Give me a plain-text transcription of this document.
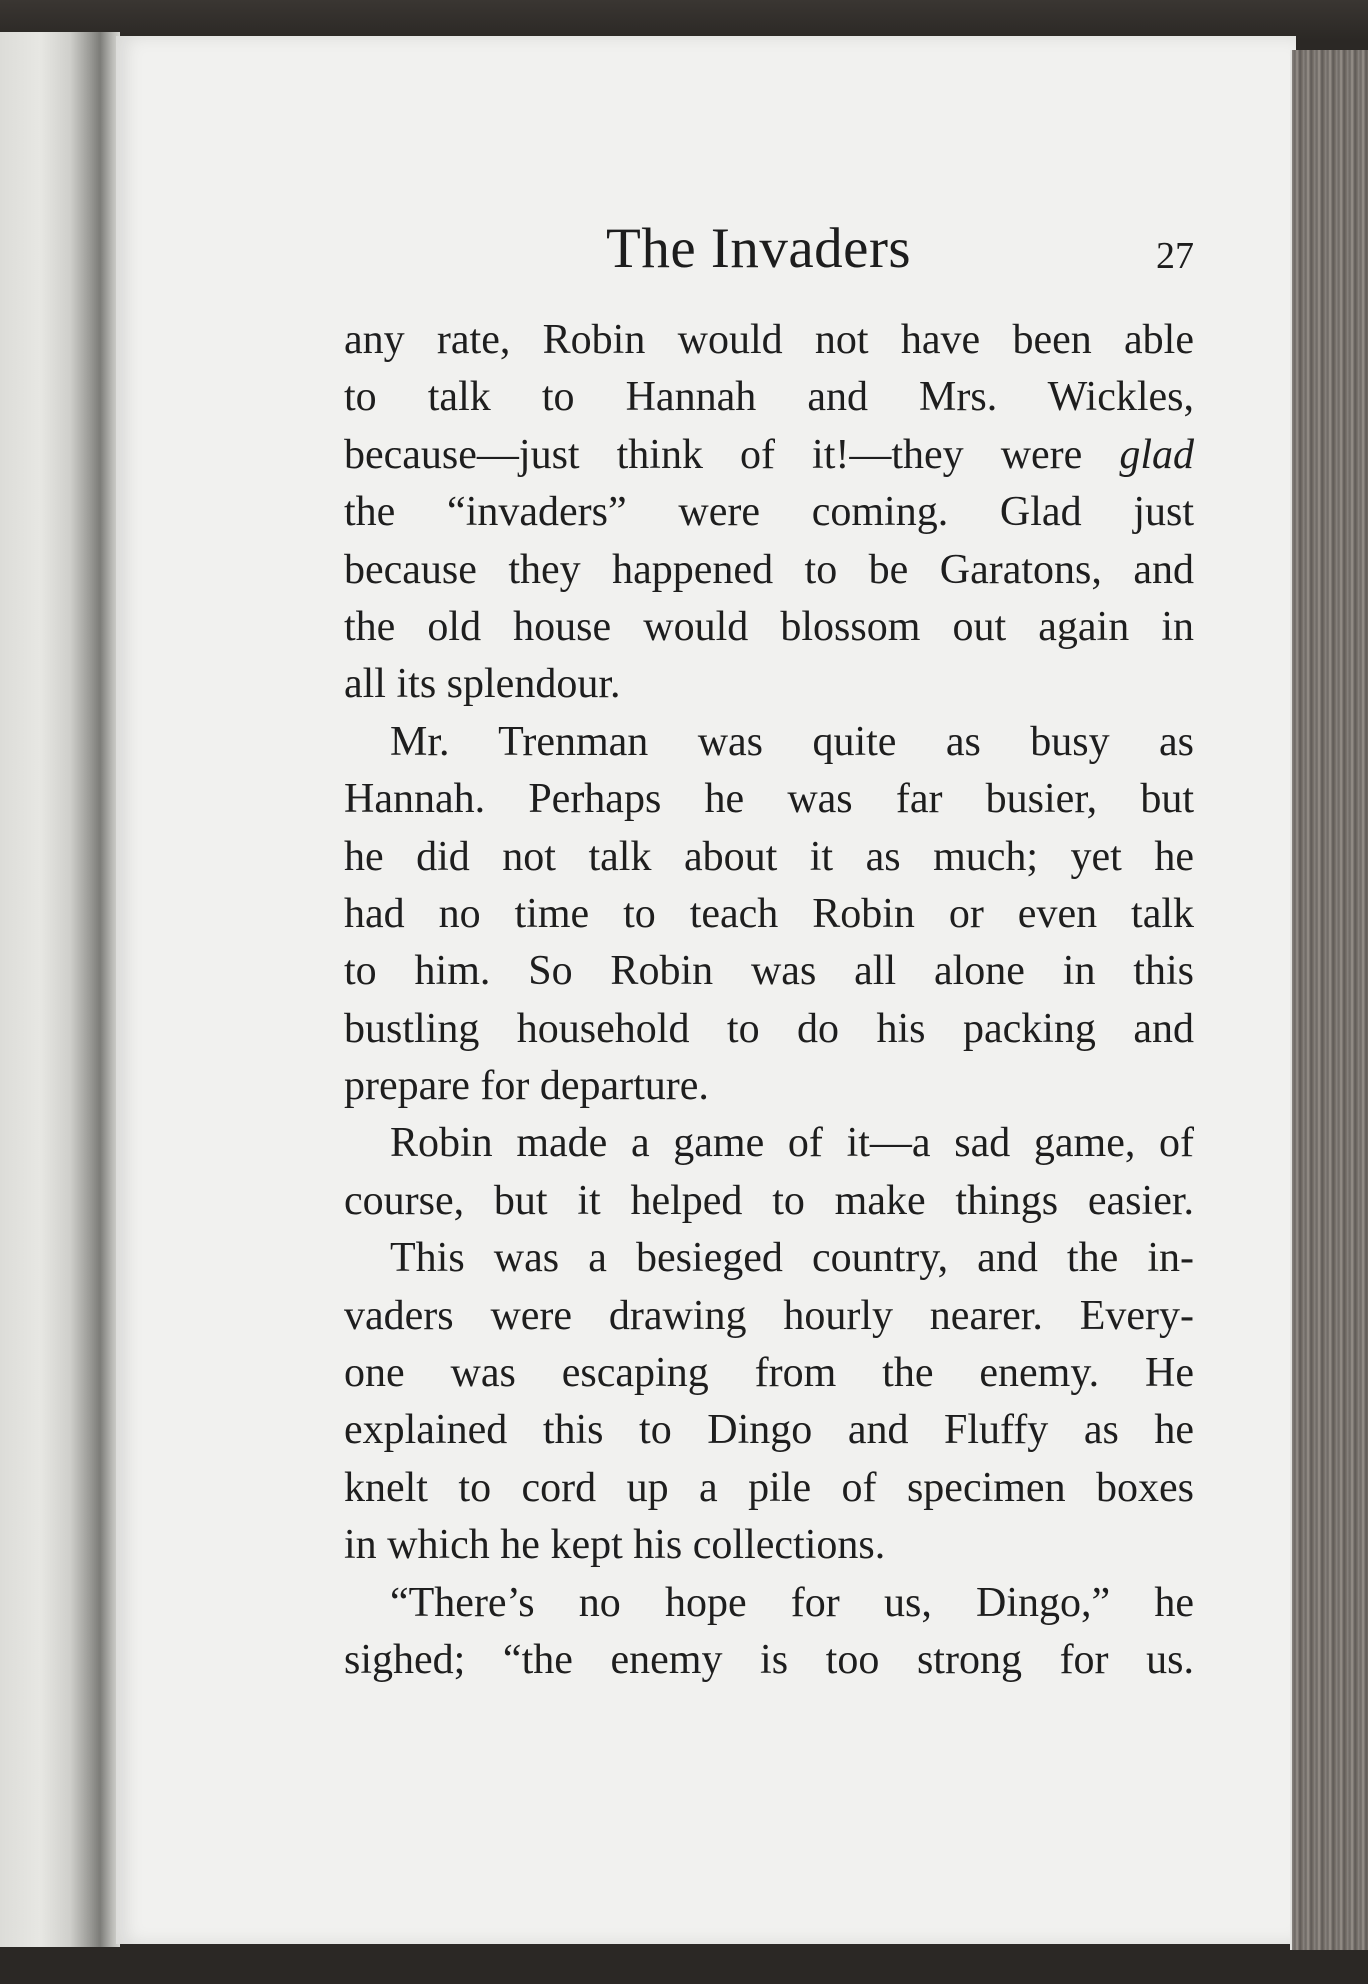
The Invaders	27
any rate, Robin would not have been able
to talk to Hannah and Mrs. Wickles,
because—just think of it!—they were glad
the “invaders” were coming. Glad just
because they happened to be Garatons, and
the old house would blossom out again in
all its splendour.
Mr. Trenman was quite as busy as
Hannah. Perhaps he was far busier, but
he did not talk about it as much; yet he
had no time to teach Robin or even talk
to him. So Robin was all alone in this
bustling household to do his packing and
prepare for departure.
Robin made a game of it—a sad game, of
course, but it helped to make things easier.
This was a besieged country, and the in-
vaders were drawing hourly nearer. Every-
one was escaping from the enemy. He
explained this to Dingo and Fluffy as he
knelt to cord up a pile of specimen boxes
in which he kept his collections.
“There’s no hope for us, Dingo,” he
sighed; “the enemy is too strong for us.
